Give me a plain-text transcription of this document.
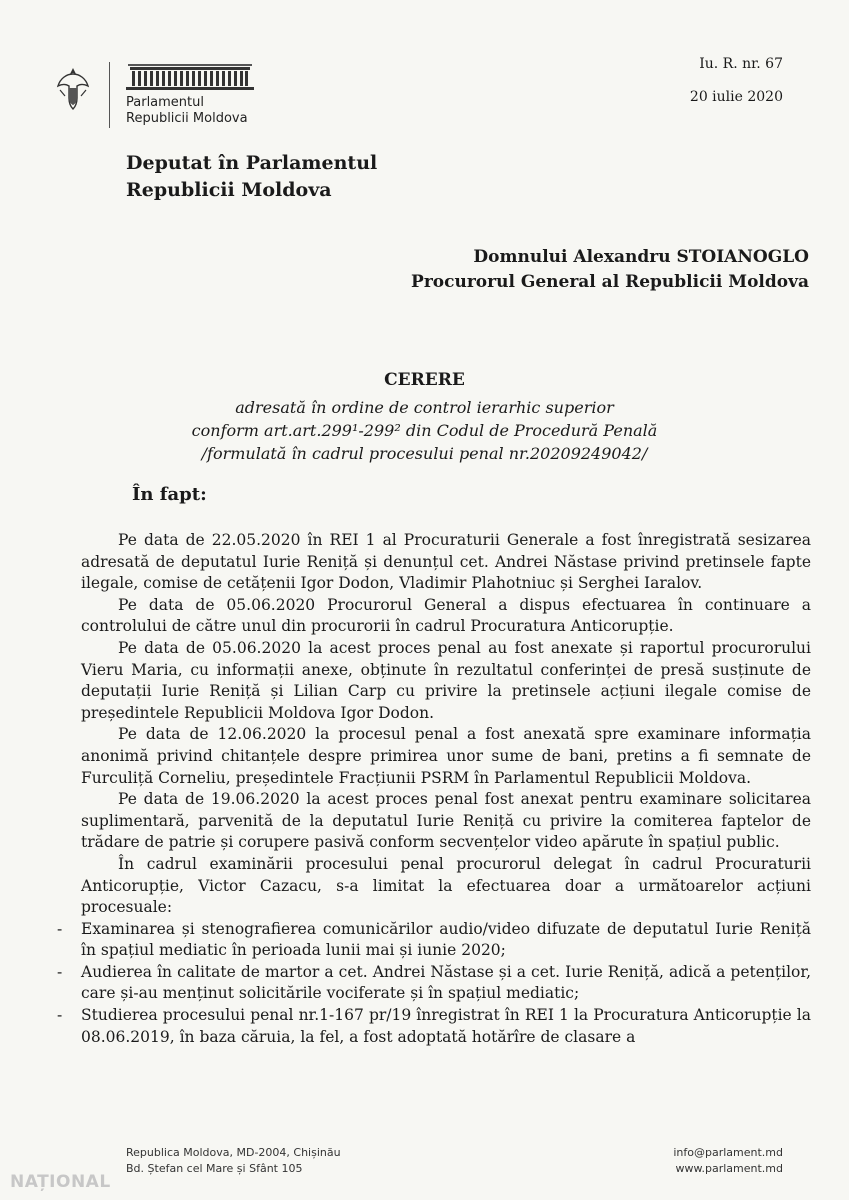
Parlamentul
Republicii Moldova
Iu. R. nr. 67
20 iulie 2020
Deputat în Parlamentul
Republicii Moldova
Domnului Alexandru STOIANOGLO
Procurorul General al Republicii Moldova
CERERE
adresată în ordine de control ierarhic superior
conform art.art.299¹-299² din Codul de Procedură Penală
/formulată în cadrul procesului penal nr.20209249042/
În fapt:

Pe data de 22.05.2020 în REI 1 al Procuraturii Generale a fost înregistrată sesizarea adresată de deputatul Iurie Reniță și denunțul cet. Andrei Năstase privind pretinsele fapte ilegale, comise de cetățenii Igor Dodon, Vladimir Plahotniuc și Serghei Iaralov.

Pe data de 05.06.2020 Procurorul General a dispus efectuarea în continuare a controlului de către unul din procurorii în cadrul Procuratura Anticorupție.

Pe data de 05.06.2020 la acest proces penal au fost anexate și raportul procurorului Vieru Maria, cu informații anexe, obținute în rezultatul conferinței de presă susținute de deputații Iurie Reniță și Lilian Carp cu privire la pretinsele acțiuni ilegale comise de președintele Republicii Moldova Igor Dodon.

Pe data de 12.06.2020 la procesul penal a fost anexată spre examinare informația anonimă privind chitanțele despre primirea unor sume de bani, pretins a fi semnate de Furculiță Corneliu, președintele Fracțiunii PSRM în Parlamentul Republicii Moldova.

Pe data de 19.06.2020 la acest proces penal fost anexat pentru examinare solicitarea suplimentară, parvenită de la deputatul Iurie Reniță cu privire la comiterea faptelor de trădare de patrie și corupere pasivă conform secvențelor video apărute în spațiul public.

În cadrul examinării procesului penal procurorul delegat în cadrul Procuraturii Anticorupție, Victor Cazacu, s-a limitat la efectuarea doar a următoarelor acțiuni procesuale:

- Examinarea și stenografierea comunicărilor audio/video difuzate de deputatul Iurie Reniță în spațiul mediatic în perioada lunii mai și iunie 2020;
- Audierea în calitate de martor a cet. Andrei Năstase și a cet. Iurie Reniță, adică a petenților, care și-au menținut solicitările vociferate și în spațiul mediatic;
- Studierea procesului penal nr.1-167 pr/19 înregistrat în REI 1 la Procuratura Anticorupție la 08.06.2019, în baza căruia, la fel, a fost adoptată hotărîre de clasare a
Republica Moldova, MD-2004, Chișinău
Bd. Ștefan cel Mare și Sfânt 105
info@parlament.md
www.parlament.md
NAȚIONAL
